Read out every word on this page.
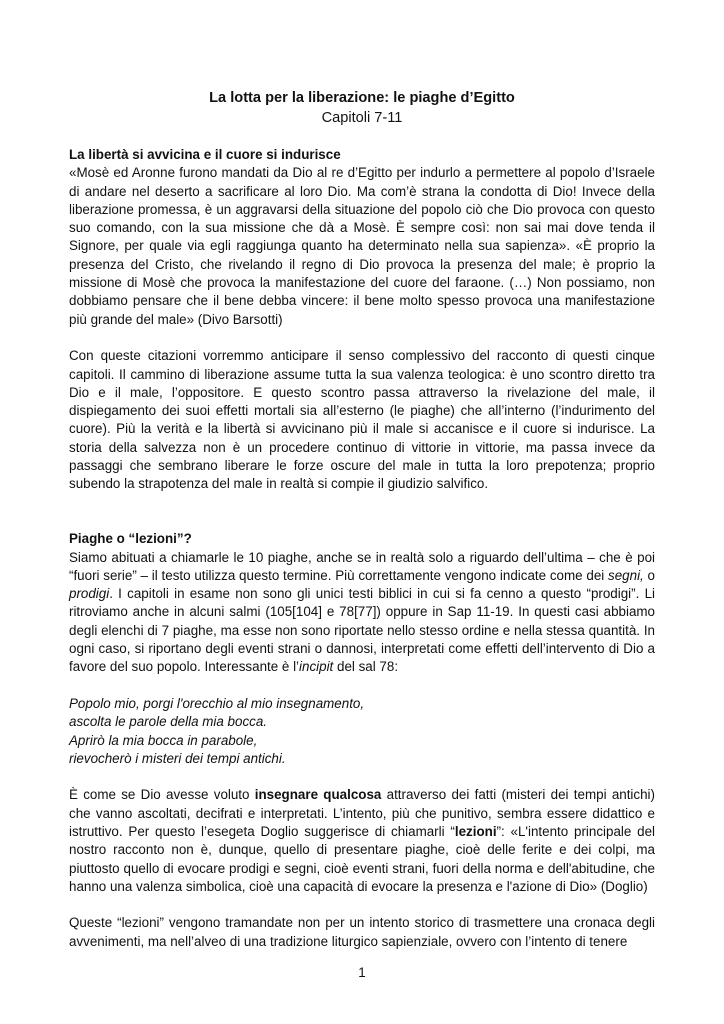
La lotta per la liberazione: le piaghe d’Egitto

Capitoli 7-11

La libertà si avvicina e il cuore si indurisce

«Mosè ed Aronne furono mandati da Dio al re d’Egitto per indurlo a permettere al popolo d’Israele di andare nel deserto a sacrificare al loro Dio. Ma com’è strana la condotta di Dio! Invece della liberazione promessa, è un aggravarsi della situazione del popolo ciò che Dio provoca con questo suo comando, con la sua missione che dà a Mosè. È sempre così: non sai mai dove tenda il Signore, per quale via egli raggiunga quanto ha determinato nella sua sapienza». «È proprio la presenza del Cristo, che rivelando il regno di Dio provoca la presenza del male; è proprio la missione di Mosè che provoca la manifestazione del cuore del faraone. (…) Non possiamo, non dobbiamo pensare che il bene debba vincere: il bene molto spesso provoca una manifestazione più grande del male» (Divo Barsotti)

Con queste citazioni vorremmo anticipare il senso complessivo del racconto di questi cinque capitoli. Il cammino di liberazione assume tutta la sua valenza teologica: è uno scontro diretto tra Dio e il male, l’oppositore. E questo scontro passa attraverso la rivelazione del male, il dispiegamento dei suoi effetti mortali sia all’esterno (le piaghe) che all’interno (l’indurimento del cuore). Più la verità e la libertà si avvicinano più il male si accanisce e il cuore si indurisce. La storia della salvezza non è un procedere continuo di vittorie in vittorie, ma passa invece da passaggi che sembrano liberare le forze oscure del male in tutta la loro prepotenza; proprio subendo la strapotenza del male in realtà si compie il giudizio salvifico.

Piaghe o “lezioni”?

Siamo abituati a chiamarle le 10 piaghe, anche se in realtà solo a riguardo dell’ultima – che è poi “fuori serie” – il testo utilizza questo termine. Più correttamente vengono indicate come dei segni, o prodigi. I capitoli in esame non sono gli unici testi biblici in cui si fa cenno a questo “prodigi”. Li ritroviamo anche in alcuni salmi (105[104] e 78[77]) oppure in Sap 11-19. In questi casi abbiamo degli elenchi di 7 piaghe, ma esse non sono riportate nello stesso ordine e nella stessa quantità. In ogni caso, si riportano degli eventi strani o dannosi, interpretati come effetti dell’intervento di Dio a favore del suo popolo. Interessante è l’incipit del sal 78:

Popolo mio, porgi l'orecchio al mio insegnamento,

ascolta le parole della mia bocca.

Aprirò la mia bocca in parabole,

rievocherò i misteri dei tempi antichi.

È come se Dio avesse voluto insegnare qualcosa attraverso dei fatti (misteri dei tempi antichi) che vanno ascoltati, decifrati e interpretati. L’intento, più che punitivo, sembra essere didattico e istruttivo. Per questo l’esegeta Doglio suggerisce di chiamarli “lezioni”: «L'intento principale del nostro racconto non è, dunque, quello di presentare piaghe, cioè delle ferite e dei colpi, ma piuttosto quello di evocare prodigi e segni, cioè eventi strani, fuori della norma e dell'abitudine, che hanno una valenza simbolica, cioè una capacità di evocare la presenza e l'azione di Dio» (Doglio)

Queste “lezioni” vengono tramandate non per un intento storico di trasmettere una cronaca degli avvenimenti, ma nell’alveo di una tradizione liturgico sapienziale, ovvero con l’intento di tenere

1
